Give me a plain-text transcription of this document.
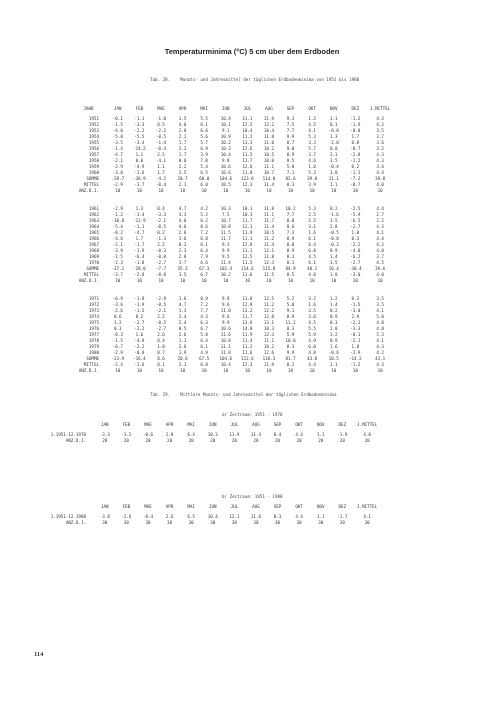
Temperaturminima (°C) 5 cm über dem Erdboden
Tab. 28. Monats- und Jahresmittel der täglichen Erdbodenminima von 1951 bis 1980
JAHR	JAN	FEB	MAE	APR	MAI	JUN	JUL	AUG	SEP	OKT	NOV	DEZ	J.MITTEL
1951	-0.1	-1.1	-1.0	1.5	5.5	10.4	11.1	11.9	9.3	1.2	3.1	-1.2	4.3
1952	-1.5	-3.3	0.5	4.0	6.1	10.1	12.5	12.2	7.5	4.5	0.1	-1.9	4.2
1953	-4.0	-2.2	-2.2	2.8	6.6	9.1	10.4	10.4	7.7	4.1	-0.8	-0.8	3.5
1954	-5.0	-5.5	-0.5	2.1	5.6	10.9	11.2	11.0	9.9	5.3	1.3	1.7	3.7
1955	-3.5	-3.4	-1.4	1.7	5.7	10.2	13.3	11.0	8.7	3.3	-2.0	0.0	3.6
1956	-1.4	-14.2	-0.4	2.2	6.9	10.3	12.6	10.2	9.0	5.7	0.0	-0.7	3.2
1957	-4.7	1.1	2.5	1.7	3.9	10.4	11.5	10.5	8.9	3.7	2.1	-2.8	4.3
1958	-2.1	0.0	-4.1	0.0	7.8	9.8	11.7	10.0	9.5	4.6	3.5	-1.2	4.3
1959	-2.9	-4.9	1.1	2.2	5.4	10.6	12.6	11.1	5.0	1.0	-0.4	0.2	3.4
1960	-3.0	-1.6	1.7	2.5	6.5	10.6	11.0	10.7	7.1	5.3	3.0	-1.1	4.4
SUMME	-28.7	-36.9	-4.2	20.7	60.0	104.6	123.0	114.0	82.6	39.0	11.1	-7.2	39.8
MITTEL	-2.9	-3.7	-0.4	2.1	6.0	10.5	12.3	11.4	8.3	3.9	1.1	-0.7	4.0
ANZ.D.J.	10	10	10	10	10	10	10	10	10	10	10	10	10

1961	-2.9	1.3	0.4	4.7	4.2	10.3	10.1	11.8	10.2	5.3	0.2	-2.5	4.4
1962	-1.2	-3.4	-3.3	3.3	5.2	7.5	10.3	11.1	7.7	2.5	-1.6	-5.9	2.7
1963	-10.8	-12.9	-2.1	4.0	6.2	10.7	11.7	11.7	8.8	2.5	3.5	-6.5	2.2
1964	-5.4	-1.1	-0.5	4.6	8.6	10.8	12.1	11.4	8.6	3.1	2.8	-2.7	4.3
1965	-0.2	-4.7	0.2	2.6	7.2	11.5	11.9	10.5	7.3	1.6	-0.5	1.0	4.1
1966	-4.6	1.7	-1.3	3.6	6.8	11.7	11.1	11.2	8.9	6.1	-0.8	0.3	4.4
1967	-2.1	-1.7	2.2	0.2	6.1	9.3	12.8	11.4	8.8	6.4	-0.3	-2.2	4.2
1968	-3.9	-1.9	-0.3	2.3	6.4	9.9	11.1	12.1	8.9	6.8	0.9	-4.0	4.0
1969	-1.5	-6.4	-0.0	2.8	7.9	9.5	12.5	11.8	8.1	4.5	1.4	-6.2	3.7
1970	-2.3	-1.8	-2.7	3.7	6.6	11.4	11.5	12.3	8.1	6.1	3.5	-2.7	4.5
SUMME	-37.2	-28.0	-7.7	35.3	67.3	102.4	114.6	115.8	84.9	48.1	10.4	-30.4	39.6
MITTEL	-3.7	-2.8	-0.8	3.5	6.7	10.2	11.6	11.5	8.5	4.8	1.0	-3.0	4.0
ANZ.D.J.	10	10	10	10	10	10	10	10	10	10	10	10	10

1971	-6.9	-1.8	-2.9	1.6	8.9	9.8	11.0	12.5	5.2	3.2	1.2	0.3	3.5
1972	-3.6	-1.9	-0.5	4.7	7.2	9.6	12.9	11.2	5.0	1.6	1.4	-1.5	3.5
1973	-2.6	-1.5	-2.1	1.3	7.7	11.0	13.2	12.2	9.1	3.5	0.2	-3.0	4.1
1974	0.6	0.2	2.2	2.4	4.3	9.6	11.7	12.8	8.9	3.6	0.9	2.9	5.0
1975	1.2	-2.7	-0.5	2.4	6.3	9.9	13.9	13.1	11.2	4.5	0.3	-2.1	4.8
1976	0.3	-2.2	-2.7	0.5	6.7	10.6	14.0	10.3	8.3	5.5	2.0	-3.3	4.0
1977	-0.3	1.6	2.6	2.6	5.8	11.6	11.9	12.3	5.9	5.9	3.2	-0.1	5.3
1978	-1.5	-4.9	0.4	1.1	6.4	10.8	11.4	11.1	10.0	4.9	0.9	-2.1	4.1
1979	-6.7	-2.2	1.8	2.6	6.1	11.1	11.2	10.2	8.3	6.0	1.6	1.8	4.3
1980	-2.9	-0.8	0.7	1.9	4.9	11.0	11.6	12.6	9.9	4.8	-0.6	-2.9	4.2
SUMME	-23.9	-16.4	0.6	20.6	67.5	104.6	122.6	118.3	81.7	43.8	10.5	-14.2	43.1
MITTEL	-2.4	-1.6	0.1	2.1	6.8	10.4	12.3	11.9	8.2	4.4	1.1	-1.2	4.3
ANZ.D.J.	10	10	10	10	10	10	10	10	10	10	10	10	10
Tab. 29. Mittlere Monats- und Jahresmittel der täglichen Erdbodenminima
a) Zeitraum: 1951 - 1970
	JAN	FEB	MAE	APR	MAI	JUN	JUL	AUG	SEP	OKT	NOV	DEZ	J.MITTEL
1.1951-12.1970	-3.3	-3.2	-0.6	2.8	6.4	10.3	11.9	11.4	8.4	4.4	1.1	-1.9	4.0
ANZ.D.J.	20	20	20	20	20	20	20	20	20	20	20	20	20
b) Zeitraum: 1951 - 1980
	JAN	FEB	MAE	APR	MAI	JUN	JUL	AUG	SEP	OKT	NOV	DEZ	J.MITTEL
1.1951-12.1980	-3.0	-2.6	-0.4	2.6	6.5	10.4	12.1	11.6	8.3	4.4	1.1	-1.7	4.1
ANZ.D.J.	30	30	30	30	30	30	30	30	30	30	30	30	30
114
